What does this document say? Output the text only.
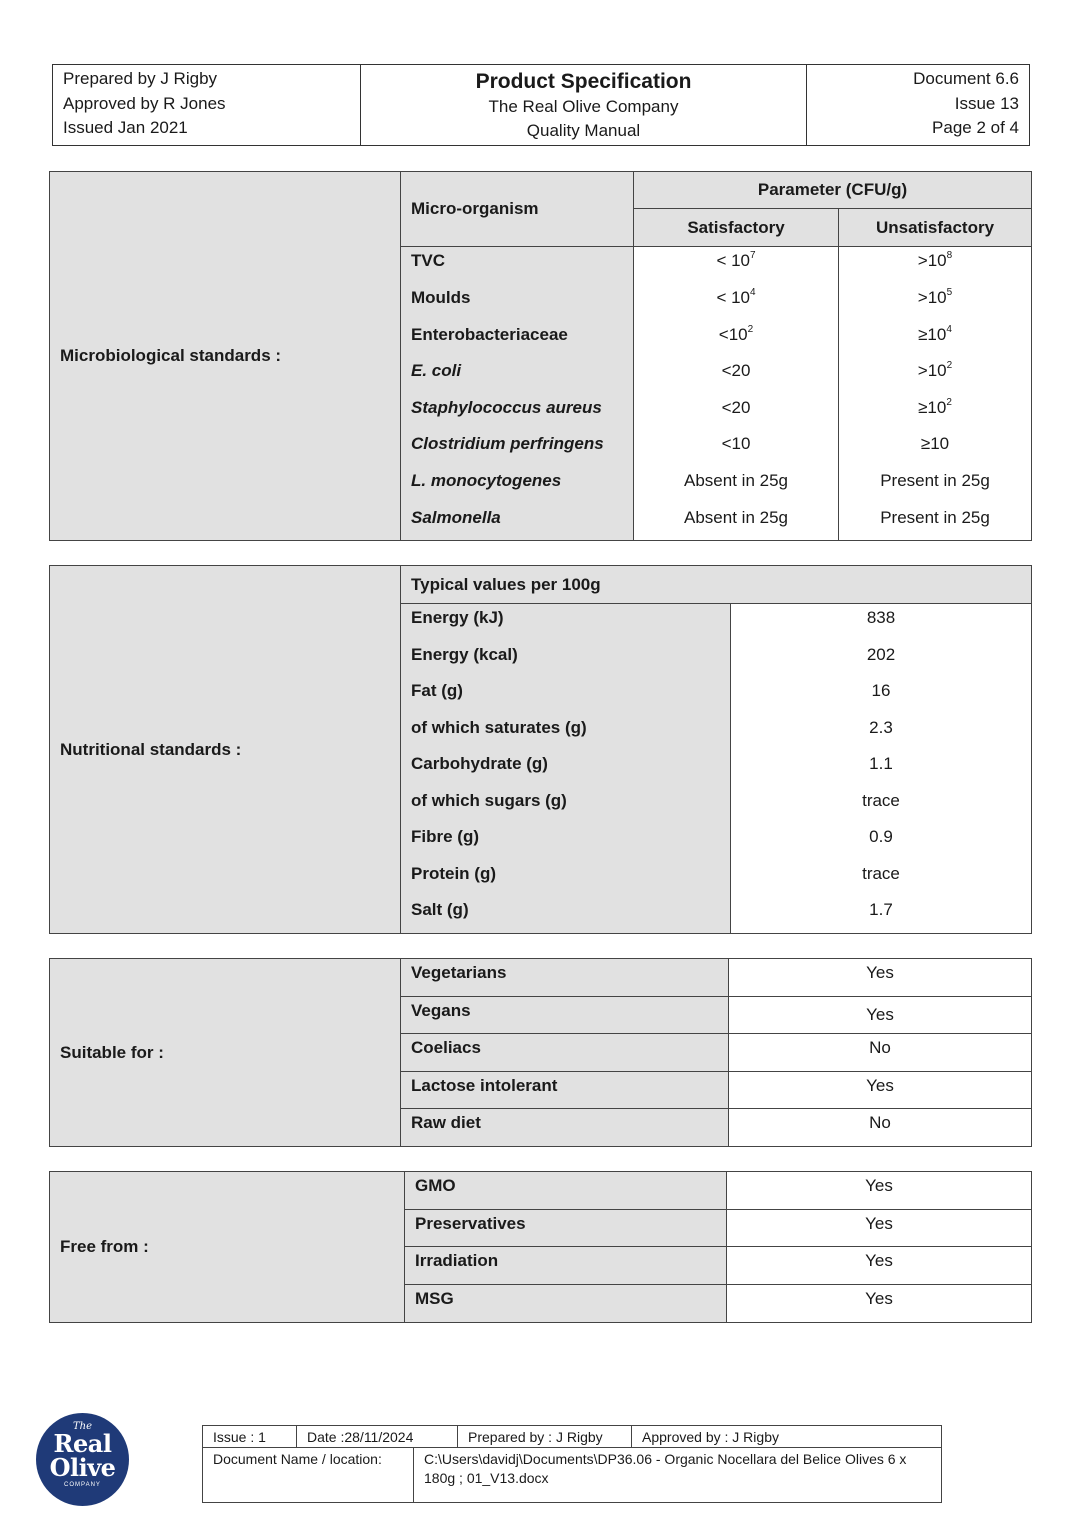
Prepared by J Rigby
Approved by R Jones
Issued Jan 2021

Product Specification
The Real Olive Company
Quality Manual

Document 6.6
Issue 13
Page 2 of 4
Microbiological standards :	Micro-organism	Parameter (CFU/g)	
		Satisfactory	Unsatisfactory
	TVC	< $10^7$	$>10^8$
	Moulds	< $10^4$	$>10^5$
	Enterobacteriaceae	$<10^2$	$\ge 10^4$
	E. coli	<20	$>10^2$
	Staphylococcus aureus	<20	$\ge 10^2$
	Clostridium perfringens	<10	≥10
	L. monocytogenes	Absent in 25g	Present in 25g
	Salmonella	Absent in 25g	Present in 25g
Nutritional standards :	Typical values per 100g	
	Energy (kJ)	838
	Energy (kcal)	202
	Fat (g)	16
	of which saturates (g)	2.3
	Carbohydrate (g)	1.1
	of which sugars (g)	trace
	Fibre (g)	0.9
	Protein (g)	trace
	Salt (g)	1.7
Suitable for :	Vegetarians	Yes
	Vegans	Yes
	Coeliacs	No
	Lactose intolerant	Yes
	Raw diet	No
Free from :	GMO	Yes
	Preservatives	Yes
	Irradiation	Yes
	MSG	Yes
The
Real
Olive
COMPANY
Issue : 1	Date :28/11/2024		Prepared by : J Rigby	Approved by : J Rigby
Document Name / location:		C:\Users\davidj\Documents\DP36.06 - Organic Nocellara del Belice Olives 6 x 180g ; 01_V13.docx		
